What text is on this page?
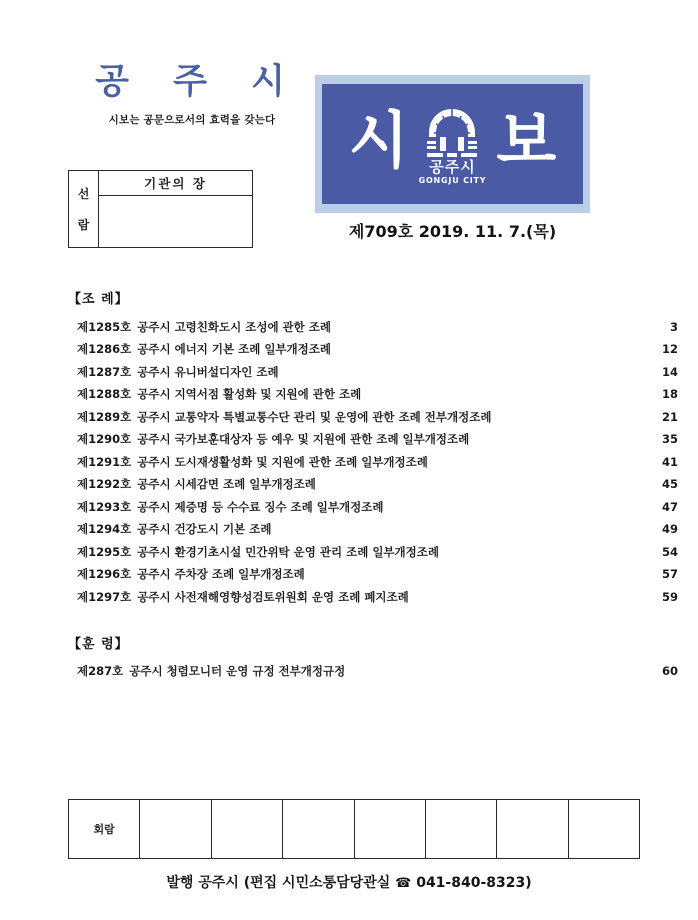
공 주 시
시보는 공문으로서의 효력을 갖는다
선
람
기관의 장
시 공주시
GONGJU CITY
보
제709호 2019. 11. 7.(목)
【조 례】
제1285호 공주시 고령친화도시 조성에 관한 조례	3
제1286호 공주시 에너지 기본 조례 일부개정조례	12
제1287호 공주시 유니버설디자인 조례	14
제1288호 공주시 지역서점 활성화 및 지원에 관한 조례	18
제1289호 공주시 교통약자 특별교통수단 관리 및 운영에 관한 조례 전부개정조례	21
제1290호 공주시 국가보훈대상자 등 예우 및 지원에 관한 조례 일부개정조례	35
제1291호 공주시 도시재생활성화 및 지원에 관한 조례 일부개정조례	41
제1292호 공주시 시세감면 조례 일부개정조례	45
제1293호 공주시 제증명 등 수수료 징수 조례 일부개정조례	47
제1294호 공주시 건강도시 기본 조례	49
제1295호 공주시 환경기초시설 민간위탁 운영 관리 조례 일부개정조례	54
제1296호 공주시 주차장 조례 일부개정조례	57
제1297호 공주시 사전재해영향성검토위원회 운영 조례 폐지조례	59
【훈 령】
제287호 공주시 청렴모니터 운영 규정 전부개정규정	60
회람
발행 공주시 (편집 시민소통담당관실 ☎ 041-840-8323)
